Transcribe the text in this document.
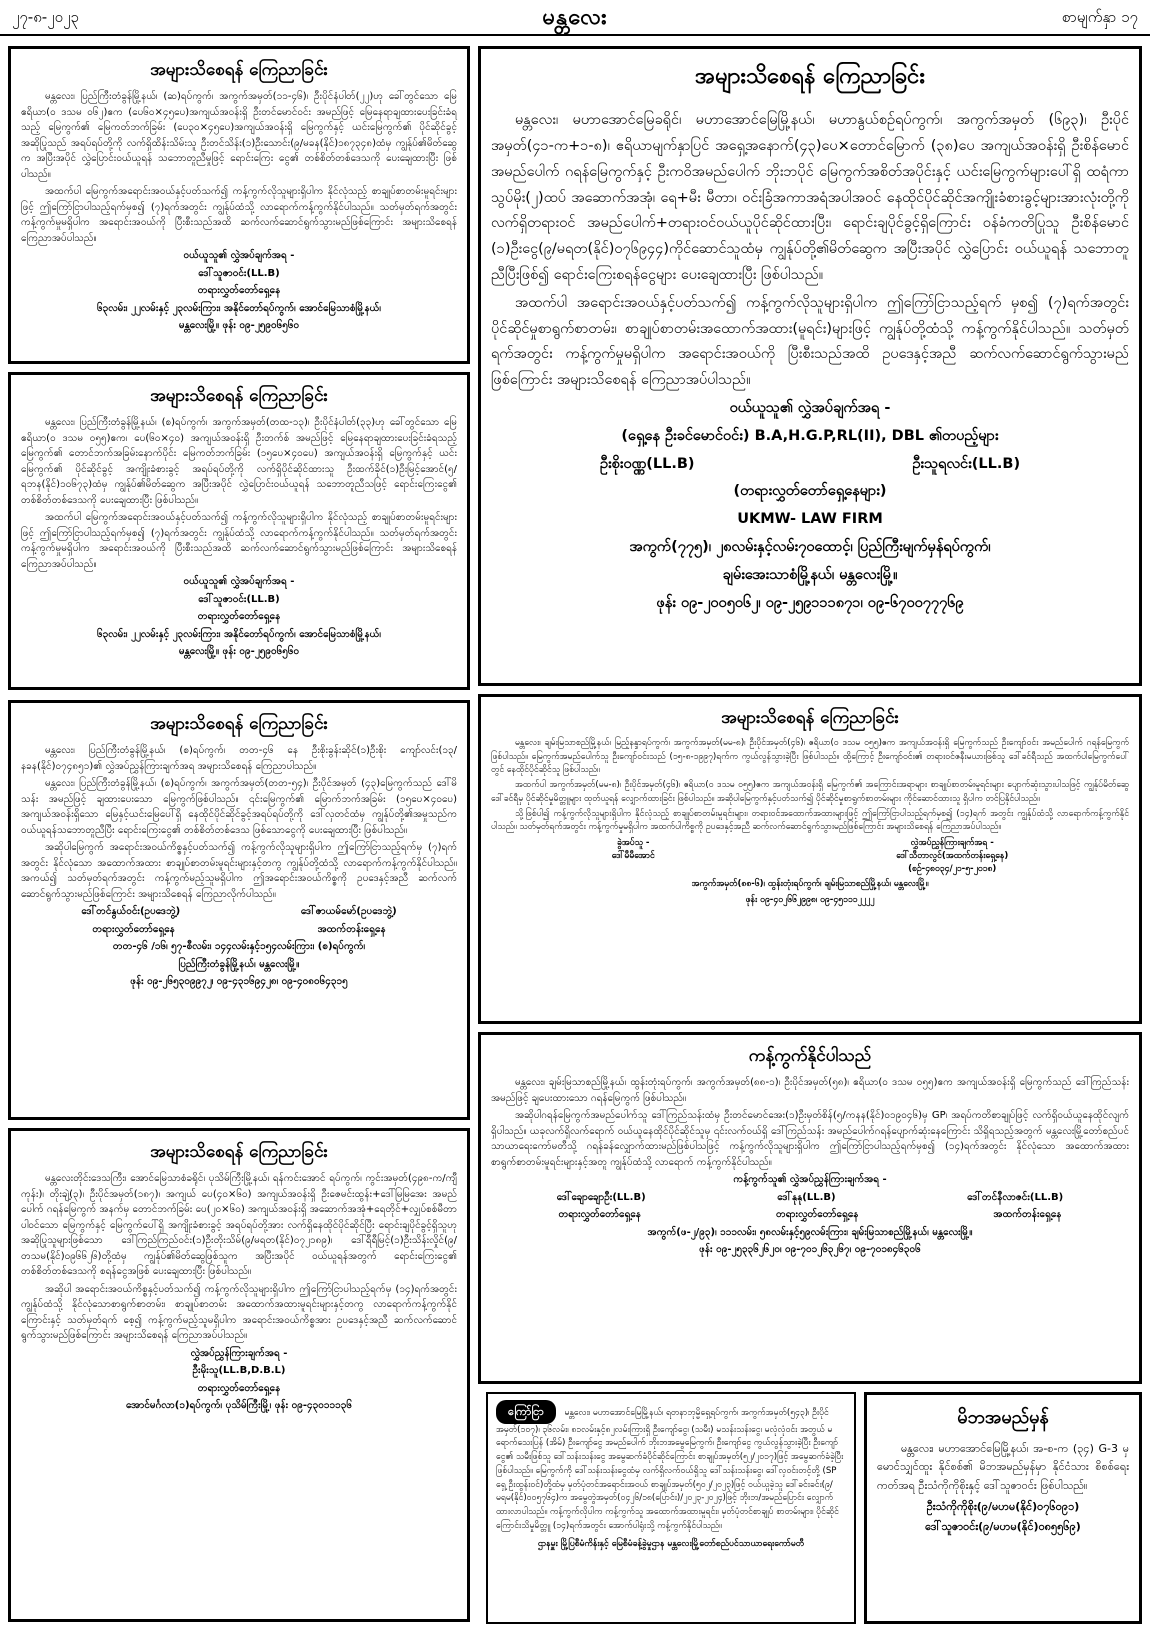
၂၇-၈-၂၀၂၃	မန္တလေး	စာမျက်နှာ ၁၇
အများသိစေရန် ကြေညာခြင်း

မန္တလေး၊ ပြည်ကြီးတံခွန်မြို့နယ်၊ (ဆ)ရပ်ကွက်၊ အကွက်အမှတ်(၁၁-၄၆)၊ ဦးပိုင်နံပါတ်(၂၂)ဟု ခေါ်တွင်သော မြေဧရိယာ(၀ ဒသမ ၀၆၂)ဧက (ပေ၆၀×၄၅ပေ)အကျယ်အဝန်းရှိ ဦးတင်မောင်ဝင်း အမည်ဖြင့် မြေနေရာချထားပေးခြင်းခံရသည့် မြေကွက်၏ မြေကတ်ဘက်ခြမ်း (ပေ၃၀×၄၅ပေ)အကျယ်အဝန်းရှိ မြေကွက်နှင့် ယင်းမြေကွက်၏ ပိုင်ဆိုင်ခွင့် အဆိုပြုသည် အရပ်ရပ်တို့ကို လက်ရှိထိန်းသိမ်းသူ ဦးတင်သိန်း(၁)ဦးသောင်း(၉/မခန(နိုင်)၁၈၇၃၄၈)ထံမှ ကျွန်ုပ်၏မိတ်ဆွေက အပြီးအပိုင် လွှဲပြောင်းဝယ်ယူရန် သဘောတူညီမှုဖြင့် ရောင်းကြေး ငွေ၏ တစ်စိတ်တစ်ဒေသကို ပေးချေထားပြီး ဖြစ်ပါသည်။

အထက်ပါ မြေကွက်အရောင်းအဝယ်နှင့်ပတ်သက်၍ ကန့်ကွက်လိုသူများရှိပါက နိုင်လုံသည့် စာချုပ်စာတမ်းမူရင်းများဖြင့် ဤကြော်ငြာပါသည့်ရက်မှစ၍ (၇)ရက်အတွင်း ကျွန်ုပ်ထံသို့ လာရောက်ကန့်ကွက်နိုင်ပါသည်။ သတ်မှတ်ရက်အတွင်း ကန့်ကွက်မှုမရှိပါက အရောင်းအဝယ်ကို ပြီးစီးသည်အထိ ဆက်လက်ဆောင်ရွက်သွားမည်ဖြစ်ကြောင်း အများသိစေရန် ကြေညာအပ်ပါသည်။

ဝယ်ယူသူ၏ လွှဲအပ်ချက်အရ -
ဒေါ်သူဇာဝင်း(LL.B)
တရားလွှတ်တော်ရှေ့နေ
၆၃လမ်း၊ ၂၂လမ်းနှင့် ၂၃လမ်းကြား၊ အနိုင်တော်ရပ်ကွက်၊ အောင်မြေသာစံမြို့နယ်၊
မန္တလေးမြို့။ ဖုန်း ၀၉-၂၅၉၀၆၅၆၀
အများသိစေရန် ကြေညာခြင်း

မန္တလေး၊ ပြည်ကြီးတံခွန်မြို့နယ်၊ (စ)ရပ်ကွက်၊ အကွက်အမှတ်(တထ-၁၃)၊ ဦးပိုင်နံပါတ်(၃၃)ဟု ခေါ်တွင်သော မြေဧရိယာ(၀ ဒသမ ၀၅၅)ဧက၊ ပေ(၆၀×၄၀) အကျယ်အဝန်းရှိ ဦးတက်စ် အမည်ဖြင့် မြေနေရာချထားပေးခြင်းခံရသည့် မြေကွက်၏ တောင်ဘက်အခြမ်းနောက်ပိုင်း မြေကတ်ဘက်ခြမ်း (၁၅ပေ×၄၀ပေ) အကျယ်အဝန်းရှိ မြေကွက်နှင့် ယင်းမြေကွက်၏ ပိုင်ဆိုင်ခွင့် အကျိုးခံစားခွင့် အရပ်ရပ်တို့ကို လက်ရှိပိုင်ဆိုင်ထားသူ ဦးထက်ခိုင်(၁)ဦးမြင့်အောင်(၅/ရဘန(နိုင်)၁၀၆၇၃)ထံမှ ကျွန်ုပ်၏မိတ်ဆွေက အပြီးအပိုင် လွှဲပြောင်းဝယ်ယူရန် သဘောတူညီသဖြင့် ရောင်းကြေးငွေ၏ တစ်စိတ်တစ်ဒေသကို ပေးချေထားပြီး ဖြစ်ပါသည်။

အထက်ပါ မြေကွက်အရောင်းအဝယ်နှင့်ပတ်သက်၍ ကန့်ကွက်လိုသူများရှိပါက နိုင်လုံသည့် စာချုပ်စာတမ်းမူရင်းများဖြင့် ဤကြော်ငြာပါသည့်ရက်မှစ၍ (၇)ရက်အတွင်း ကျွန်ုပ်ထံသို့ လာရောက်ကန့်ကွက်နိုင်ပါသည်။ သတ်မှတ်ရက်အတွင်း ကန့်ကွက်မှုမရှိပါက အရောင်းအဝယ်ကို ပြီးစီးသည်အထိ ဆက်လက်ဆောင်ရွက်သွားမည်ဖြစ်ကြောင်း အများသိစေရန် ကြေညာအပ်ပါသည်။

ဝယ်ယူသူ၏ လွှဲအပ်ချက်အရ -
ဒေါ်သူဇာဝင်း(LL.B)
တရားလွှတ်တော်ရှေ့နေ
၆၃လမ်း၊ ၂၂လမ်းနှင့် ၂၃လမ်းကြား၊ အနိုင်တော်ရပ်ကွက်၊ အောင်မြေသာစံမြို့နယ်၊
မန္တလေးမြို့။ ဖုန်း ၀၉-၂၅၉၀၆၅၆၀
အများသိစေရန် ကြေညာခြင်း

မန္တလေး၊ ပြည်ကြီးတံခွန်မြို့နယ်၊ (စ)ရပ်ကွက်၊ တတ-၄၆ နေ ဦးစိုးခွန်းဆိုင်(၁)ဦးစိုး ကျော်လင်း(၁၃/နခန(နိုင်)၀၇၄၈၅၁)၏ လွှဲအပ်ညွှန်ကြားချက်အရ အများသိစေရန် ကြေညာပါသည်။

မန္တလေး၊ ပြည်ကြီးတံခွန်မြို့နယ်၊ (စ)ရပ်ကွက်၊ အကွက်အမှတ်(တတ-၅၄)၊ ဦးပိုင်အမှတ် (၄၃)မြေကွက်သည် ဒေါ်မိသန်း အမည်ဖြင့် ချထားပေးသော မြေကွက်ဖြစ်ပါသည်။ ၎င်းမြေကွက်၏ မြောက်ဘက်အခြမ်း (၁၅ပေ×၄၀ပေ) အကျယ်အဝန်းရှိသော မြေနှင့်ယင်းမြေပေါ်ရှိ နေထိုင်ပိုင်ဆိုင်ခွင့်အရပ်ရပ်တို့ကို ဒေါ်လှတင်ထံမှ ကျွန်ုပ်တို့၏အမှုသည်က ဝယ်ယူရန်သဘောတူညီပြီး ရောင်းကြေးငွေ၏ တစ်စိတ်တစ်ဒေသ ဖြစ်သောငွေကို ပေးချေထားပြီး ဖြစ်ပါသည်။

အဆိုပါမြေကွက် အရောင်းအဝယ်ကိစ္စနှင့်ပတ်သက်၍ ကန့်ကွက်လိုသူများရှိပါက ဤကြော်ငြာသည့်ရက်မှ (၇)ရက်အတွင်း နိုင်လုံသော အထောက်အထား စာချုပ်စာတမ်းမူရင်းများနှင့်တကွ ကျွန်ုပ်တို့ထံသို့ လာရောက်ကန့်ကွက်နိုင်ပါသည်။ အကယ်၍ သတ်မှတ်ရက်အတွင်း ကန့်ကွက်မည့်သူမရှိပါက ဤအရောင်းအဝယ်ကိစ္စကို ဥပဒေနှင့်အညီ ဆက်လက်ဆောင်ရွက်သွားမည်ဖြစ်ကြောင်း အများသိစေရန် ကြေညာလိုက်ပါသည်။

ဒေါ်တင်နွယ်ဝင်း(ဥပဒေဘွဲ့)	ဒေါ်ဇာယမ်မော်(ဥပဒေဘွဲ့)
တရားလွှတ်တော်ရှေ့နေ	အထက်တန်းရှေ့နေ
တတ-၄၆ /၁၆၊ ၅၇-စီလမ်း၊ ၁၄၄လမ်းနှင့်၁၅၄လမ်းကြား၊ (စ)ရပ်ကွက်၊
ပြည်ကြီးတံခွန်မြို့နယ်၊ မန္တလေးမြို့။
ဖုန်း ၀၉-၂၆၅၃၀၉၉၇၂၊ ၀၉-၄၃၁၆၉၄၂၈၊ ၀၉-၄၀၈၀၆၄၃၁၅
အများသိစေရန် ကြေညာခြင်း

မန္တလေးတိုင်းဒေသကြီး၊ အောင်မြေသာစံခရိုင်၊ ပုသိမ်ကြီးမြို့နယ်၊ ရန်ကင်းအောင် ရပ်ကွက်၊ ကွင်းအမှတ်(၄၉၈-က/ကျီကုန်း)၊ တိုးချဲ့(၃)၊ ဦးပိုင်အမှတ်(၁၈၇)၊ အကျယ် ပေ(၄၀×၆၀) အကျယ်အဝန်းရှိ ဦးဇေမင်းထွန်း+ဒေါ်မြမြအေး အမည်ပေါက် ဂရန်မြေကွက် အနက်မှ တောင်ဘက်ခြမ်း ပေ(၂၀×၆၀) အကျယ်အဝန်းရှိ အဆောက်အအုံ+ရေတိုင်+လျှပ်စစ်မီတာပါဝင်သော မြေကွက်နှင့် မြေကွက်ပေါ်ရှိ အကျိုးခံစားခွင့် အရပ်ရပ်တို့အား လက်ရှိနေထိုင်ပိုင်ဆိုင်ပြီး ရောင်းချပိုင်ခွင့်ရှိသူဟု အဆိုပြုသူများဖြစ်သော ဒေါ်ကြည်ကြည်ဝင်း(၁)ဦးတိုးသိမ်(၉/မရတ(နိုင်)၀၇၂၁၈၉)၊ ဒေါ်ရီရီမြင့်(၁)ဦးသိန်းလှိုင်(၉/တသမ(နိုင်)၀၉၆၆၂၆)တို့ထံမှ ကျွန်ုပ်၏မိတ်ဆွေဖြစ်သူက အပြီးအပိုင် ဝယ်ယူရန်အတွက် ရောင်းကြေးငွေ၏ တစ်စိတ်တစ်ဒေသကို စရန်ငွေအဖြစ် ပေးချေထားပြီး ဖြစ်ပါသည်။

အဆိုပါ အရောင်းအဝယ်ကိစ္စနှင့်ပတ်သက်၍ ကန့်ကွက်လိုသူများရှိပါက ဤကြော်ငြာပါသည့်ရက်မှ (၁၄)ရက်အတွင်း ကျွန်ုပ်ထံသို့ နိုင်လုံသောစာရွက်စာတမ်း၊ စာချုပ်စာတမ်း အထောက်အထားမူရင်းများနှင့်တကွ လာရောက်ကန့်ကွက်နိုင်ကြောင်းနှင့် သတ်မှတ်ရက် စေ့၍ ကန့်ကွက်မည့်သူမရှိပါက အရောင်းအဝယ်ကိစ္စအား ဥပဒေနှင့်အညီ ဆက်လက်ဆောင် ရွက်သွားမည်ဖြစ်ကြောင်း အများသိစေရန် ကြေညာအပ်ပါသည်။

လွှဲအပ်ညွှန်ကြားချက်အရ -
ဦးမိုးသူ(LL.B,D.B.L)
တရားလွှတ်တော်ရှေ့နေ
အောင်မင်္ဂလာ(၁)ရပ်ကွက်၊ ပုသိမ်ကြီးမြို့၊ ဖုန်း ၀၉-၄၃၀၁၁၁၃၆
အများသိစေရန် ကြေညာခြင်း

မန္တလေး၊ မဟာအောင်မြေခရိုင်၊ မဟာအောင်မြေမြို့နယ်၊ မဟာနွယ်စဉ်ရပ်ကွက်၊ အကွက်အမှတ် (၆၉၃)၊ ဦးပိုင်အမှတ်(၄၁-က+၁-၈)၊ ဧရိယာမျက်နှာပြင် အရှေ့အနောက်(၄၃)ပေ×တောင်မြောက် (၃၈)ပေ အကျယ်အဝန်းရှိ ဦးစိန်မောင် အမည်ပေါက် ဂရန်မြေကွက်နှင့် ဦးကဝိအမည်ပေါက် ဘိုးဘပိုင် မြေကွက်အစိတ်အပိုင်းနှင့် ယင်းမြေကွက်များပေါ်ရှိ ထရံကာသွပ်မိုး(၂)ထပ် အဆောက်အအုံ၊ ရေ+မီး မီတာ၊ ဝင်းခြံအကာအရံအပါအဝင် နေထိုင်ပိုင်ဆိုင်အကျိုးခံစားခွင့်များအားလုံးတို့ကို လက်ရှိတရားဝင် အမည်ပေါက်+တရားဝင်ဝယ်ယူပိုင်ဆိုင်ထားပြီး၊ ရောင်းချပိုင်ခွင့်ရှိကြောင်း ဝန်ခံကတိပြုသူ ဦးစိန်မောင် (၁)ဦးငွေ(၉/မရတ(နိုင်)၀၇၆၉၄၄)ကိုင်ဆောင်သူထံမှ ကျွန်ုပ်တို့၏မိတ်ဆွေက အပြီးအပိုင် လွှဲပြောင်း ဝယ်ယူရန် သဘောတူညီပြီးဖြစ်၍ ရောင်းကြေးစရန်ငွေများ ပေးချေထားပြီး ဖြစ်ပါသည်။

အထက်ပါ အရောင်းအဝယ်နှင့်ပတ်သက်၍ ကန့်ကွက်လိုသူများရှိပါက ဤကြော်ငြာသည့်ရက် မှစ၍ (၇)ရက်အတွင်း ပိုင်ဆိုင်မှုစာရွက်စာတမ်း၊ စာချုပ်စာတမ်းအထောက်အထား(မူရင်း)များဖြင့် ကျွန်ုပ်တို့ထံသို့ ကန့်ကွက်နိုင်ပါသည်။ သတ်မှတ်ရက်အတွင်း ကန့်ကွက်မှုမရှိပါက အရောင်းအဝယ်ကို ပြီးစီးသည်အထိ ဥပဒေနှင့်အညီ ဆက်လက်ဆောင်ရွက်သွားမည်ဖြစ်ကြောင်း အများသိစေရန် ကြေညာအပ်ပါသည်။

ဝယ်ယူသူ၏ လွှဲအပ်ချက်အရ -
(ရှေ့နေ ဦးခင်မောင်ဝင်း) B.A,H.G.P,RL(II), DBL ၏တပည့်များ
ဦးစိုးဝဏ္ဏ(LL.B)	ဦးသူရလင်း(LL.B)
(တရားလွှတ်တော်ရှေ့နေများ)
UKMW- LAW FIRM
အကွက်(၇၇၅)၊ ၂၈လမ်းနှင့်လမ်း၇၀ထောင့်၊ ပြည်ကြီးမျက်မှန်ရပ်ကွက်၊
ချမ်းအေးသာစံမြို့နယ်၊ မန္တလေးမြို့။
ဖုန်း ၀၉-၂၀၀၅၀၆၂၊ ၀၉-၂၅၉၁၁၁၈၇၁၊ ၀၉-၆၇၀၀၇၇၇၆၉
အများသိစေရန် ကြေညာခြင်း

မန္တလေး၊ ချမ်းမြသာစည်မြို့နယ်၊ မြည့်နန္ဒာရပ်ကွက်၊ အကွက်အမှတ်(မမ-၈)၊ ဦးပိုင်အမှတ်(၄၆)၊ ဧရိယာ(၀ ဒသမ ၀၅၅)ဧက အကျယ်အဝန်းရှိ မြေကွက်သည် ဦးကျော်ဝင်း အမည်ပေါက် ဂရန်မြေကွက် ဖြစ်ပါသည်။ မြေကွက်အမည်ပေါက်သူ ဦးကျော်ဝင်းသည် (၁၅-၈-၁၉၉၇)ရက်က ကွယ်လွန်သွားခဲ့ပြီး ဖြစ်ပါသည်။ ထို့ကြောင့် ဦးကျော်ဝင်း၏ တရားဝင်ဇနီးမယားဖြစ်သူ ဒေါ်ခင်ရီသည် အထက်ပါမြေကွက်ပေါ်တွင် နေထိုင်ပိုင်ဆိုင်သူ ဖြစ်ပါသည်။

အထက်ပါ အကွက်အမှတ်(မမ-၈)၊ ဦးပိုင်အမှတ်(၄၆)၊ ဧရိယာ(၀ ဒသမ ၀၅၅)ဧက အကျယ်အဝန်းရှိ မြေကွက်၏ အကြောင်းအရာများ စာချုပ်စာတမ်းမူရင်းများ ပျောက်ဆုံးသွားပါသဖြင့် ကျွန်ုပ်မိတ်ဆွေ ဒေါ်ခင်ရီမှ ပိုင်ဆိုင်မှုမိတ္တူများ ထုတ်ယူရန် လျှောက်ထားခြင်း ဖြစ်ပါသည်။ အဆိုပါမြေကွက်နှင့်ပတ်သက်၍ ပိုင်ဆိုင်မှုစာရွက်စာတမ်းများ ကိုင်ဆောင်ထားသူ ရှိပါက တင်ပြနိုင်ပါသည်။

သို့ဖြစ်ပါ၍ ကန့်ကွက်လိုသူများရှိပါက နိုင်လုံသည့် စာချုပ်စာတမ်းမူရင်းများ၊ တရားဝင်အထောက်အထားများဖြင့် ဤကြော်ငြာပါသည့်ရက်မှစ၍ (၁၄)ရက် အတွင်း ကျွန်ုပ်ထံသို့ လာရောက်ကန့်ကွက်နိုင်ပါသည်။ သတ်မှတ်ရက်အတွင်း ကန့်ကွက်မှုမရှိပါက အထက်ပါကိစ္စကို ဥပဒေနှင့်အညီ ဆက်လက်ဆောင်ရွက်သွားမည်ဖြစ်ကြောင်း အများသိစေရန် ကြေညာအပ်ပါသည်။

ခွဲအပ်သူ -
ဒေါ်မီမီအောင်
လွှဲအပ်ညွှန်ကြားချက်အရ -
ဒေါ်သီတာလွင်(အထက်တန်းရှေ့နေ)
(စဥ်-၄၈၀၃၄/၂၁-၅-၂၀၁၈)
အကွက်အမှတ်(၈၈-၆)၊ ထွန်းတုံးရပ်ကွက်၊ ချမ်းမြသာစည်မြို့နယ်၊ မန္တလေးမြို့။
ဖုန်း ၀၉-၄၀၂၆၆၂၉၉၈၊ ၀၉-၄၅၁၁၁၂၂၂၂
ကန့်ကွက်နိုင်ပါသည်

မန္တလေး၊ ချမ်းမြသာစည်မြို့နယ်၊ ထွန်းတုံးရပ်ကွက်၊ အကွက်အမှတ်(၈၈-၁)၊ ဦးပိုင်အမှတ်(၅၈)၊ ဧရိယာ(၀ ဒသမ ၀၅၅)ဧက အကျယ်အဝန်းရှိ မြေကွက်သည် ဒေါ်ကြည်သန်း အမည်ဖြင့် ချပေးထားသော ဂရန်မြေကွက် ဖြစ်ပါသည်။

အဆိုပါဂရန်မြေကွက်အမည်ပေါက်သူ ဒေါ်ကြည်သန်းထံမှ ဦးတင်မောင်အေး(၁)ဦးမှတ်စိန်(၅/ကနန(နိုင်)၀၁၉၀၄၆)မှ GP၊ အရပ်ကတိစာချုပ်ဖြင့် လက်ရှိဝယ်ယူနေထိုင်လျက်ရှိပါသည်။ ယခုလက်ရှိလက်ရောက် ဝယ်ယူနေထိုင်ပိုင်ဆိုင်သူမှ ၎င်းလက်ဝယ်ရှိ ဒေါ်ကြည်သန်း အမည်ပေါက်ဂရန်ပျောက်ဆုံးနေကြောင်း သိရှိရသည့်အတွက် မန္တလေးမြို့တော်စည်ပင် သာယာရေးကော်မတီသို့ ဂရန်ခန်လျှောက်ထားမည်ဖြစ်ပါသဖြင့် ကန့်ကွက်လိုသူများရှိပါက ဤကြော်ငြာပါသည့်ရက်မှစ၍ (၁၄)ရက်အတွင်း နိုင်လုံသော အထောက်အထားစာရွက်စာတမ်းမူရင်းများနှင့်အတူ ကျွန်ုပ်ထံသို့ လာရောက် ကန့်ကွက်နိုင်ပါသည်။

ကန့်ကွက်သူ၏ လွှဲအပ်ညွှန်ကြားချက်အရ -
ဒေါ်ချောချောဦး(LL.B)	ဒေါ်နုနု(LL.B)	ဒေါ်တင်နီလာဇင်း(LL.B)
တရားလွှတ်တော်ရှေ့နေ	တရားလွှတ်တော်ရှေ့နေ	အထက်တန်းရှေ့နေ
အကွက်(ဖ-၂/၉၃)၊ ၁၁၁လမ်း၊ ၅၈လမ်းနှင့်၅၉လမ်းကြား၊ ချမ်းမြသာစည်မြို့နယ်၊ မန္တလေးမြို့။
ဖုန်း ၀၉-၂၅၃၃၆၂၆၂၀၊ ၀၉-၇၀၁၂၆၃၂၆၇၊ ၀၉-၇၀၁၈၄၆၃၀၆
ကြော်ငြာ မန္တလေး၊ မဟာအောင်မြေမြို့နယ်၊ ရတနာဘုမ္မိရှေ့ရပ်ကွက်၊ အကွက်အမှတ်(၅၄၃)၊ ဦးပိုင်အမှတ်(၁၀၇)၊ ၃၆လမ်း၊ ၈၁လမ်းနှင့်၈၂လမ်းကြားရှိ ဦးကျော်ငွေ၊ (သမီး) မသန်းသန်းငွေ၊ မလုံလုံဝင်း အတွယ် မရောက်သေးပြန် (အိမ်) ဦးကျော်ငွေ အမည်ပေါက် ဘိုးဘအမွေမြေကွက်၊ ဦးကျော်ငွေ ကွယ်လွန်သွားခဲ့ပြီး ဦးကျော်ငွေ၏ သမီးဖြစ်သူ ဒေါ်သန်းသန်းငွေ အမွေဆက်ခံပိုင်ဆိုင်ကြောင်း စာချုပ်အမှတ်(၅၂/၂၀၁၇)ဖြင့် အမွေဆက်ခံခဲ့ပြီး ဖြစ်ပါသည်။ မြေကွက်ကို ဒေါ်သန်းသန်းငွေထံမှ လက်ရှိလက်ဝယ်ရှိသူ ဒေါ်သန်းသန်းငွေ၊ ဒေါ်လှဝင်းတင့်တို့ (SP ရှေ့ ဦးထွန်းဝင်)တို့ထံမှ မှတ်ပုံတင်အရောင်းအဝယ် စာချုပ်အမှတ်(၅၀၂/၂၀၂၃)ဖြင့် ဝယ်ယူခဲ့သူ ဒေါ်ခင်းခင်း(၉/မရမ(နိုင်)၀၀၅၇၆၄)က အမွေတွဲအမှတ်(၀၄၂၆/၁၈(ပြောင်း)/၂၀၂၃-၂၀၂၄)ဖြင့် ဘိုးဘ/အမည်ပြောင်း လျှောက် ထားလာပါသည်။ ကန့်ကွက်လိုပါက ကန့်ကွက်သူ အထောက်အထားမူရင်း၊ မှတ်ပုံတင်စာချုပ် စာတမ်းများ၊ ပိုင်ဆိုင်ကြောင်းသိမှုမိတ္တူ (၁၄)ရက်အတွင်း အောက်ပါရုံးသို့ ကန့်ကွက်နိုင်ပါသည်။
ဌာနမှူး မြို့ပြစီမံကိန်းနှင့် မြေစီမံခန့်ခွဲမှုဌာန မန္တလေးမြို့တော်စည်ပင်သာယာရေးကော်မတီ
မိဘအမည်မှန်

မန္တလေး၊ မဟာအောင်မြေမြို့နယ်၊ အ-စ-က (၃၄) G-3 မှ မောင်သျှင်ထူး နိုင်စစ်၏ မိဘအမည်မှန်မှာ နိုင်ငံသား စိစစ်ရေးကတ်အရ ဦးသံကိုကိုစိုးနှင့် ဒေါ်သူဇာဝင်း ဖြစ်ပါသည်။

ဦးသံကိုကိုစိုး(၉/မဟမ(နိုင်)၀၇၆၀၉၁)
ဒေါ်သူဇာဝင်း(၉/မဟမ(နိုင်)၀၈၅၅၆၉)
